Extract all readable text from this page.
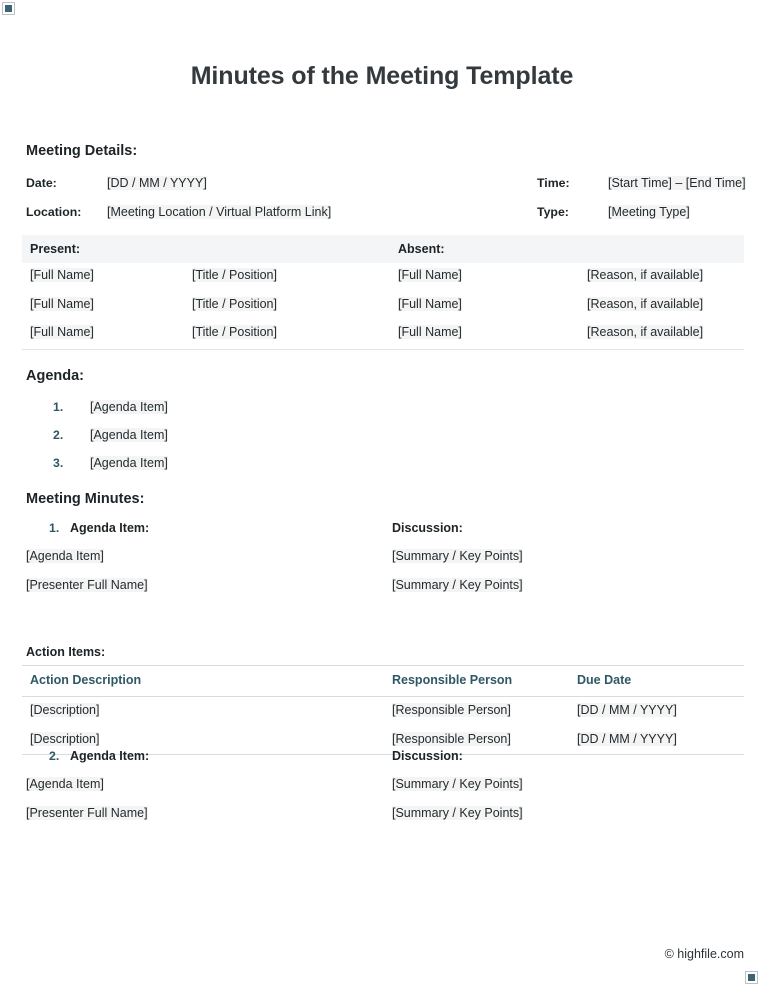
Minutes of the Meeting Template
Meeting Details:
Date:	[DD / MM / YYYY]	Time:	[Start Time] – [End Time]
Location: [Meeting Location / Virtual Platform Link]	Type:	[Meeting Type]
Present:	Absent:
[Full Name]	[Title / Position]	[Full Name]	[Reason, if available]
[Full Name]	[Title / Position]	[Full Name]	[Reason, if available]
[Full Name]	[Title / Position]	[Full Name]	[Reason, if available]
Agenda:
1. [Agenda Item]
2. [Agenda Item]
3. [Agenda Item]
Meeting Minutes:
1. Agenda Item:	Discussion:
[Agenda Item]	[Summary / Key Points]
[Presenter Full Name]	[Summary / Key Points]
Action Items:
Action Description	Responsible Person	Due Date
[Description]	[Responsible Person]	[DD / MM / YYYY]
[Description]	[Responsible Person]	[DD / MM / YYYY]
2. Agenda Item:	Discussion:
[Agenda Item]	[Summary / Key Points]
[Presenter Full Name]	[Summary / Key Points]
© highfile.com
